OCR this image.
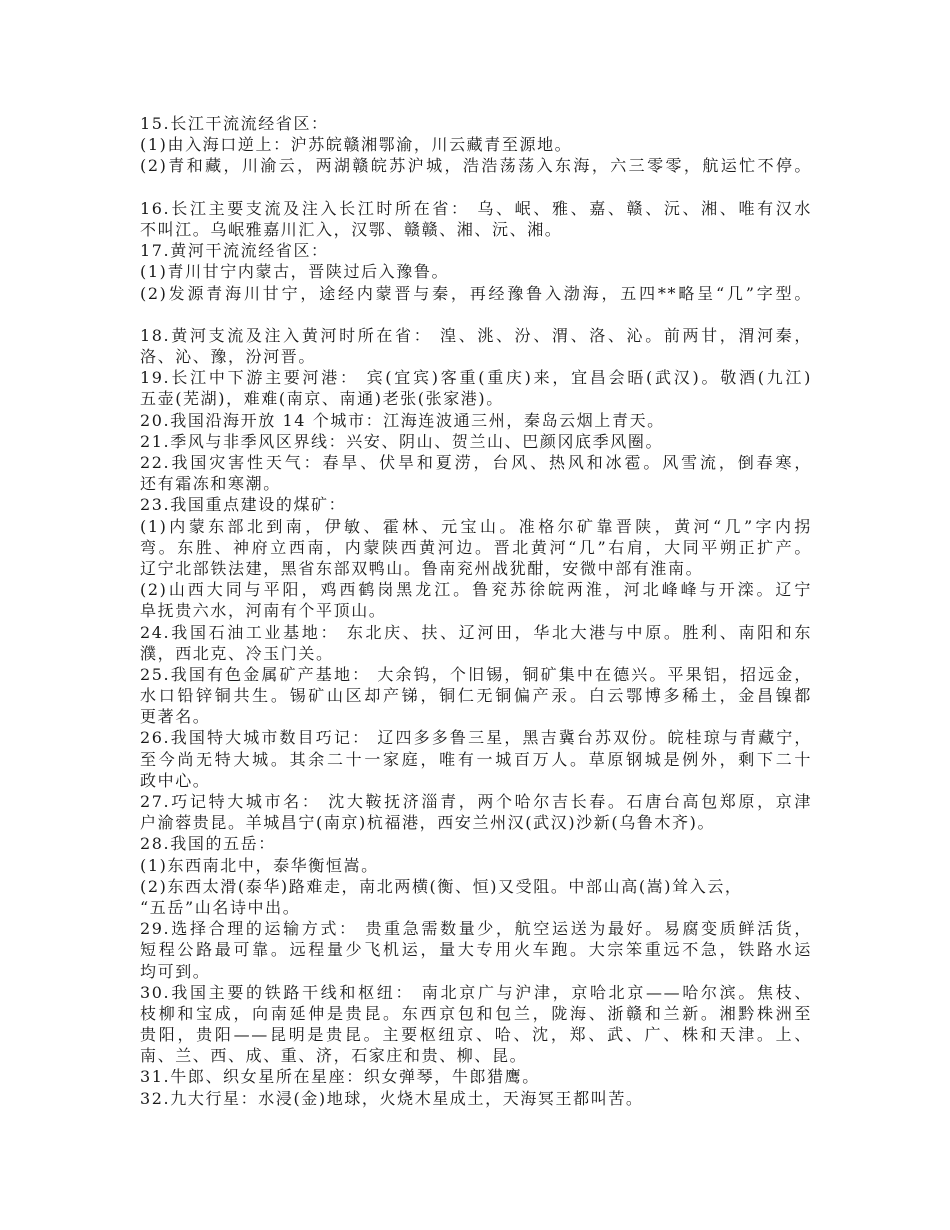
15.长江干流流经省区：
(1)由入海口逆上：沪苏皖赣湘鄂渝，川云藏青至源地。
(2)青和藏，川渝云，两湖赣皖苏沪城，浩浩荡荡入东海，六三零零，航运忙不停。
16.长江主要支流及注入长江时所在省： 乌、岷、雅、嘉、赣、沅、湘、唯有汉水
不叫江。乌岷雅嘉川汇入，汉鄂、赣赣、湘、沅、湘。
17.黄河干流流经省区：
(1)青川甘宁内蒙古，晋陕过后入豫鲁。
(2)发源青海川甘宁，途经内蒙晋与秦，再经豫鲁入渤海，五四**略呈“几”字型。
18.黄河支流及注入黄河时所在省： 湟、洮、汾、渭、洛、沁。前两甘，渭河秦，
洛、沁、豫，汾河晋。
19.长江中下游主要河港： 宾(宜宾)客重(重庆)来，宜昌会晤(武汉)。敬酒(九江)
五壶(芜湖)，难难(南京、南通)老张(张家港)。
20.我国沿海开放 14 个城市：江海连波通三州，秦岛云烟上青天。
21.季风与非季风区界线：兴安、阴山、贺兰山、巴颜冈底季风圈。
22.我国灾害性天气：春旱、伏旱和夏涝，台风、热风和冰雹。风雪流，倒春寒，
还有霜冻和寒潮。
23.我国重点建设的煤矿：
(1)内蒙东部北到南，伊敏、霍林、元宝山。准格尔矿靠晋陕，黄河“几”字内拐
弯。东胜、神府立西南，内蒙陕西黄河边。晋北黄河“几”右肩，大同平朔正扩产。
辽宁北部铁法建，黑省东部双鸭山。鲁南兖州战犹酣，安微中部有淮南。
(2)山西大同与平阳，鸡西鹤岗黑龙江。鲁兖苏徐皖两淮，河北峰峰与开滦。辽宁
阜抚贵六水，河南有个平顶山。
24.我国石油工业基地： 东北庆、扶、辽河田，华北大港与中原。胜利、南阳和东
濮，西北克、冷玉门关。
25.我国有色金属矿产基地： 大余钨，个旧锡，铜矿集中在德兴。平果铝，招远金，
水口铅锌铜共生。锡矿山区却产锑，铜仁无铜偏产汞。白云鄂博多稀土，金昌镍都
更著名。
26.我国特大城市数目巧记： 辽四多多鲁三星，黑吉冀台苏双份。皖桂琼与青藏宁，
至今尚无特大城。其余二十一家庭，唯有一城百万人。草原钢城是例外，剩下二十
政中心。
27.巧记特大城市名： 沈大鞍抚济淄青，两个哈尔吉长春。石唐台高包郑原，京津
户渝蓉贵昆。羊城昌宁(南京)杭福港，西安兰州汉(武汉)沙新(乌鲁木齐)。
28.我国的五岳：
(1)东西南北中，泰华衡恒嵩。
(2)东西太滑(泰华)路难走，南北两横(衡、恒)又受阻。中部山高(嵩)耸入云，
“五岳”山名诗中出。
29.选择合理的运输方式： 贵重急需数量少，航空运送为最好。易腐变质鲜活货，
短程公路最可靠。远程量少飞机运，量大专用火车跑。大宗笨重远不急，铁路水运
均可到。
30.我国主要的铁路干线和枢纽： 南北京广与沪津，京哈北京——哈尔滨。焦枝、
枝柳和宝成，向南延伸是贵昆。东西京包和包兰，陇海、浙赣和兰新。湘黔株洲至
贵阳，贵阳——昆明是贵昆。主要枢纽京、哈、沈，郑、武、广、株和天津。上、
南、兰、西、成、重、济，石家庄和贵、柳、昆。
31.牛郎、织女星所在星座：织女弹琴，牛郎猎鹰。
32.九大行星：水浸(金)地球，火烧木星成土，天海冥王都叫苦。
